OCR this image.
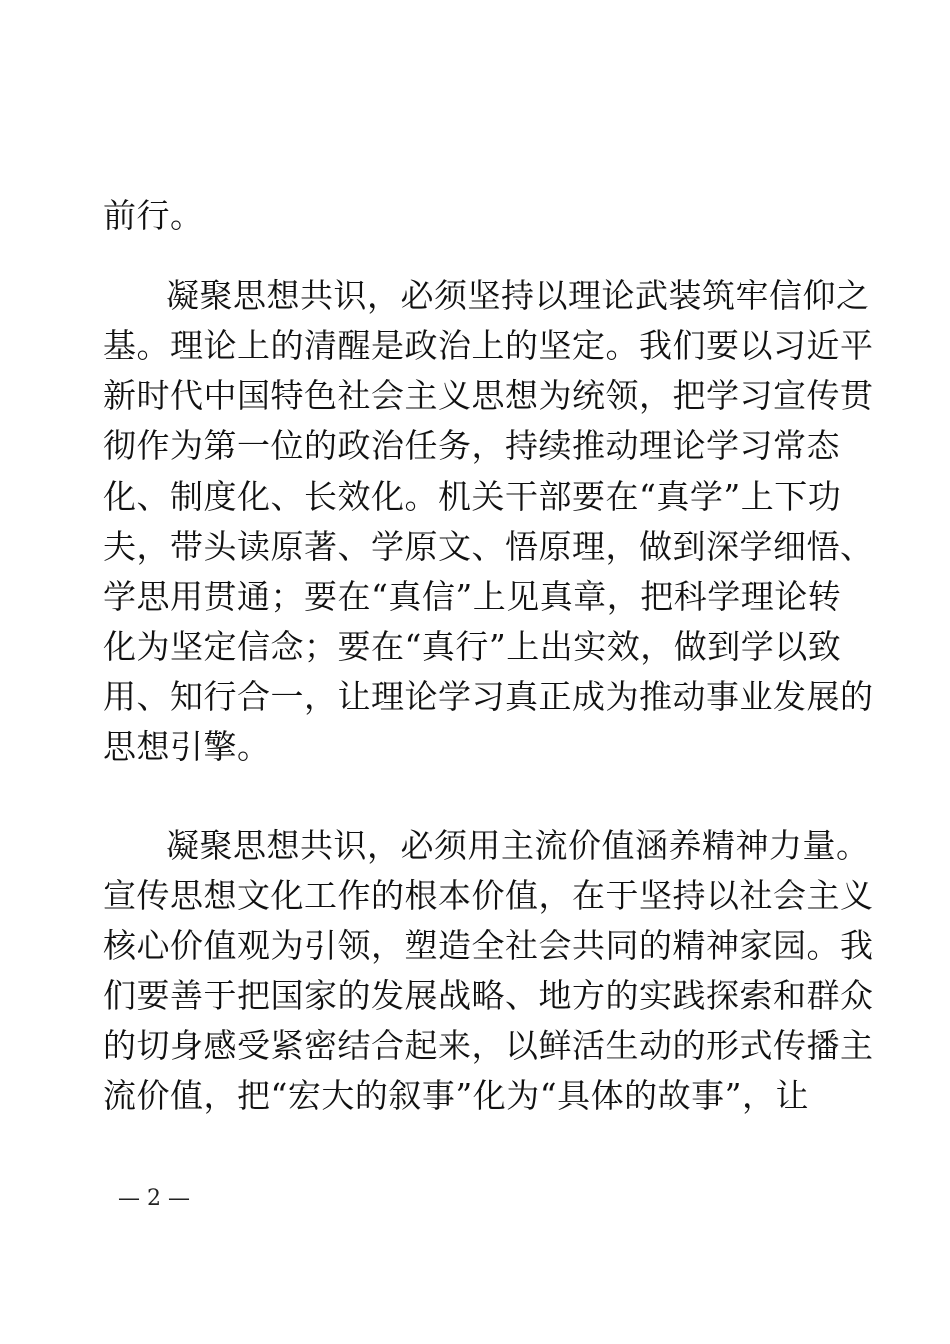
前行。
凝聚思想共识，必须坚持以理论武装筑牢信仰之
基。理论上的清醒是政治上的坚定。我们要以习近平
新时代中国特色社会主义思想为统领，把学习宣传贯
彻作为第一位的政治任务，持续推动理论学习常态
化、制度化、长效化。机关干部要在“真学”上下功
夫，带头读原著、学原文、悟原理，做到深学细悟、
学思用贯通；要在“真信”上见真章，把科学理论转
化为坚定信念；要在“真行”上出实效，做到学以致
用、知行合一，让理论学习真正成为推动事业发展的
思想引擎。
凝聚思想共识，必须用主流价值涵养精神力量。
宣传思想文化工作的根本价值，在于坚持以社会主义
核心价值观为引领，塑造全社会共同的精神家园。我
们要善于把国家的发展战略、地方的实践探索和群众
的切身感受紧密结合起来，以鲜活生动的形式传播主
流价值，把“宏大的叙事”化为“具体的故事”，让
— 2 —
